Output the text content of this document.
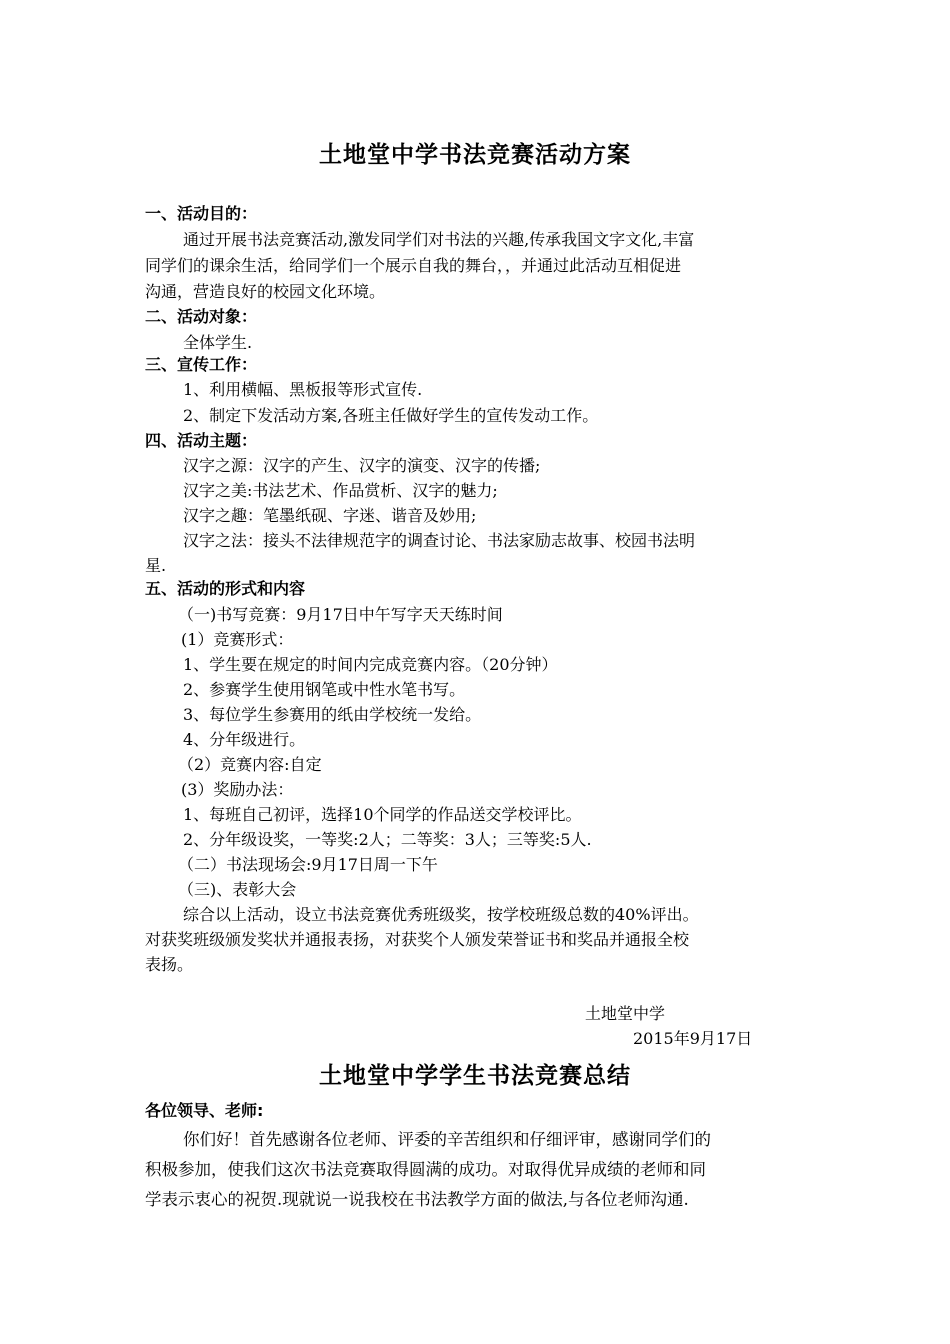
土地堂中学书法竞赛活动方案
一、活动目的：
通过开展书法竞赛活动,激发同学们对书法的兴趣,传承我国文字文化,丰富
同学们的课余生活，给同学们一个展示自我的舞台，，并通过此活动互相促进
沟通，营造良好的校园文化环境。
二、活动对象：
全体学生.
三、宣传工作：
1、利用横幅、黑板报等形式宣传.
2、制定下发活动方案,各班主任做好学生的宣传发动工作。
四、活动主题：
汉字之源：汉字的产生、汉字的演变、汉字的传播;
汉字之美:书法艺术、作品赏析、汉字的魅力;
汉字之趣：笔墨纸砚、字迷、谐音及妙用;
汉字之法：接头不法律规范字的调查讨论、书法家励志故事、校园书法明
星.
五、活动的形式和内容
（一)书写竞赛：9月17日中午写字天天练时间
(1）竞赛形式：
1、学生要在规定的时间内完成竞赛内容。（20分钟）
2、参赛学生使用钢笔或中性水笔书写。
3、每位学生参赛用的纸由学校统一发给。
4、分年级进行。
（2）竞赛内容:自定
(3）奖励办法：
1、每班自己初评，选择10个同学的作品送交学校评比。
2、分年级设奖，一等奖:2人；二等奖：3人；三等奖:5人.
（二）书法现场会:9月17日周一下午
（三)、表彰大会
综合以上活动，设立书法竞赛优秀班级奖，按学校班级总数的40%评出。
对获奖班级颁发奖状并通报表扬，对获奖个人颁发荣誉证书和奖品并通报全校
表扬。
土地堂中学
2015年9月17日
土地堂中学学生书法竞赛总结
各位领导、老师:
你们好！首先感谢各位老师、评委的辛苦组织和仔细评审，感谢同学们的
积极参加，使我们这次书法竞赛取得圆满的成功。对取得优异成绩的老师和同
学表示衷心的祝贺.现就说一说我校在书法教学方面的做法,与各位老师沟通.
